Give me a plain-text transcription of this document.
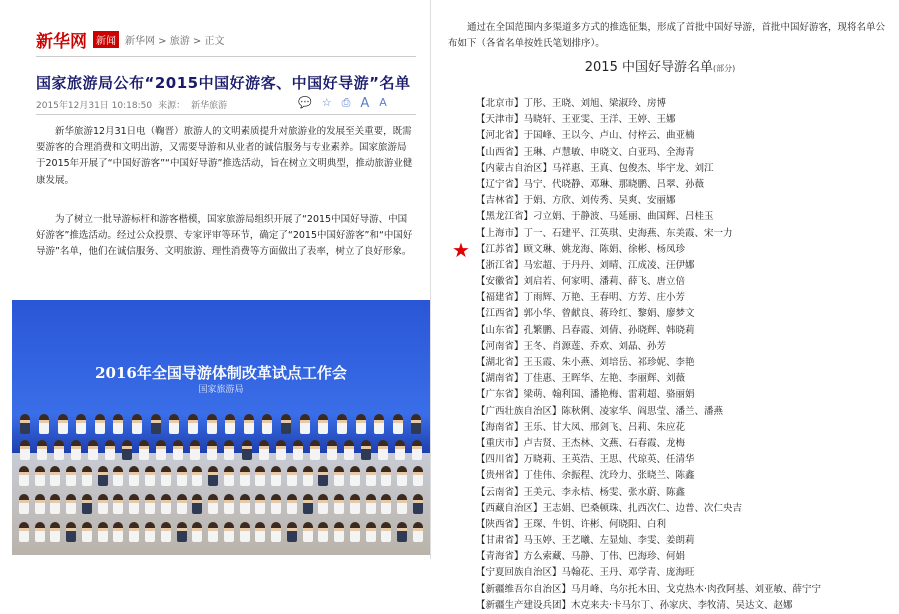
新华网 新闻 新华网 > 旅游 > 正文
国家旅游局公布“2015中国好游客、中国好导游”名单
2015年12月31日 10:18:50 来源： 新华旅游	💬 ☆ ⎙ A A
新华旅游12月31日电（鞠晋）旅游人的文明素质提升对旅游业的发展至关重要，既需要游客的合理消费和文明出游，又需要导游和从业者的诚信服务与专业素养。国家旅游局于2015年开展了“中国好游客”“中国好导游”推选活动，旨在树立文明典型，推动旅游业健康发展。
为了树立一批导游标杆和游客楷模，国家旅游局组织开展了“2015中国好导游、中国好游客”推选活动。经过公众投票、专家评审等环节，确定了“2015中国好游客”和“中国好导游”名单，他们在诚信服务、文明旅游、理性消费等方面做出了表率，树立了良好形象。
2016年全国导游体制改革试点工作会
国家旅游局
通过在全国范围内多渠道多方式的推选征集，形成了首批中国好导游，首批中国好游客，现将名单公布如下（各省名单按姓氏笔划排序）。
2015 中国好导游名单(部分)
【北京市】丁彤、王晓、刘旭、梁淑玲、房博
【天津市】马晓轩、王亚雯、王洋、王婷、王娜
【河北省】于国峰、王以今、卢山、付梓云、曲亚楠
【山西省】王琳、卢慧敏、申晓文、白亚玛、全海青
【内蒙古自治区】马祥惠、王真、包俊杰、毕宇龙、刘江
【辽宁省】马宁、代晓静、邓琳、那晓鹏、吕翠、孙薇
【吉林省】于娟、方欣、刘传秀、吴爽、安丽娜
【黑龙江省】刁立娟、于静波、马延丽、曲国辉、吕桂玉
【上海市】丁一、石建平、江英琪、史海燕、东美霞、宋一力
【江苏省】顾文琳、姚龙海、陈娟、徐彬、杨凤珍
【浙江省】马宏超、于丹丹、刘晴、江成凌、汪伊娜
【安徽省】刘启若、何家明、潘莉、薛飞、唐立倍
【福建省】丁雨辉、万艳、王春明、方芳、庄小芳
【江西省】郭小华、曾献良、蒋玲红、黎娟、廖梦文
【山东省】孔繁鹏、吕春霞、刘倩、孙晓辉、韩晓莉
【河南省】王冬、肖源莲、乔欢、刘晶、孙芳
【湖北省】王玉霞、朱小燕、刘培岳、祁珍妮、李艳
【湖南省】丁佳惠、王晖华、左艳、李丽辉、刘薇
【广东省】梁萌、翰利国、潘艳梅、雷莉超、骆丽娟
【广西壮族自治区】陈秋俐、凌家华、阎思莹、潘兰、潘燕
【海南省】王乐、甘大凤、邢剑飞、吕莉、朱应花
【重庆市】卢吉贤、王杰林、文燕、石春霞、龙梅
【四川省】万晓莉、王英浩、王思、代琼英、任清华
【贵州省】丁佳伟、余振程、沈玲力、张晓兰、陈鑫
【云南省】王美元、李永桔、杨雯、张水蔚、陈鑫
【西藏自治区】王志娟、巴桑顿珠、扎西次仁、边普、次仁央吉
【陕西省】王琛、牛钥、许彬、何晓阳、白利
【甘肃省】马玉婷、王艺曦、左显灿、李雯、姜朗莉
【青海省】方么索藏、马静、丁伟、巴海珍、何娟
【宁夏回族自治区】马翰花、王丹、邓学青、庞海旺
【新疆维吾尔自治区】马月峰、乌尔托木田、戈克热木·肉孜阿基、刘亚敏、薛宁宁
【新疆生产建设兵团】木克来夫·卡马尔丁、孙家庆、李牧清、吴达文、赵娜
★
